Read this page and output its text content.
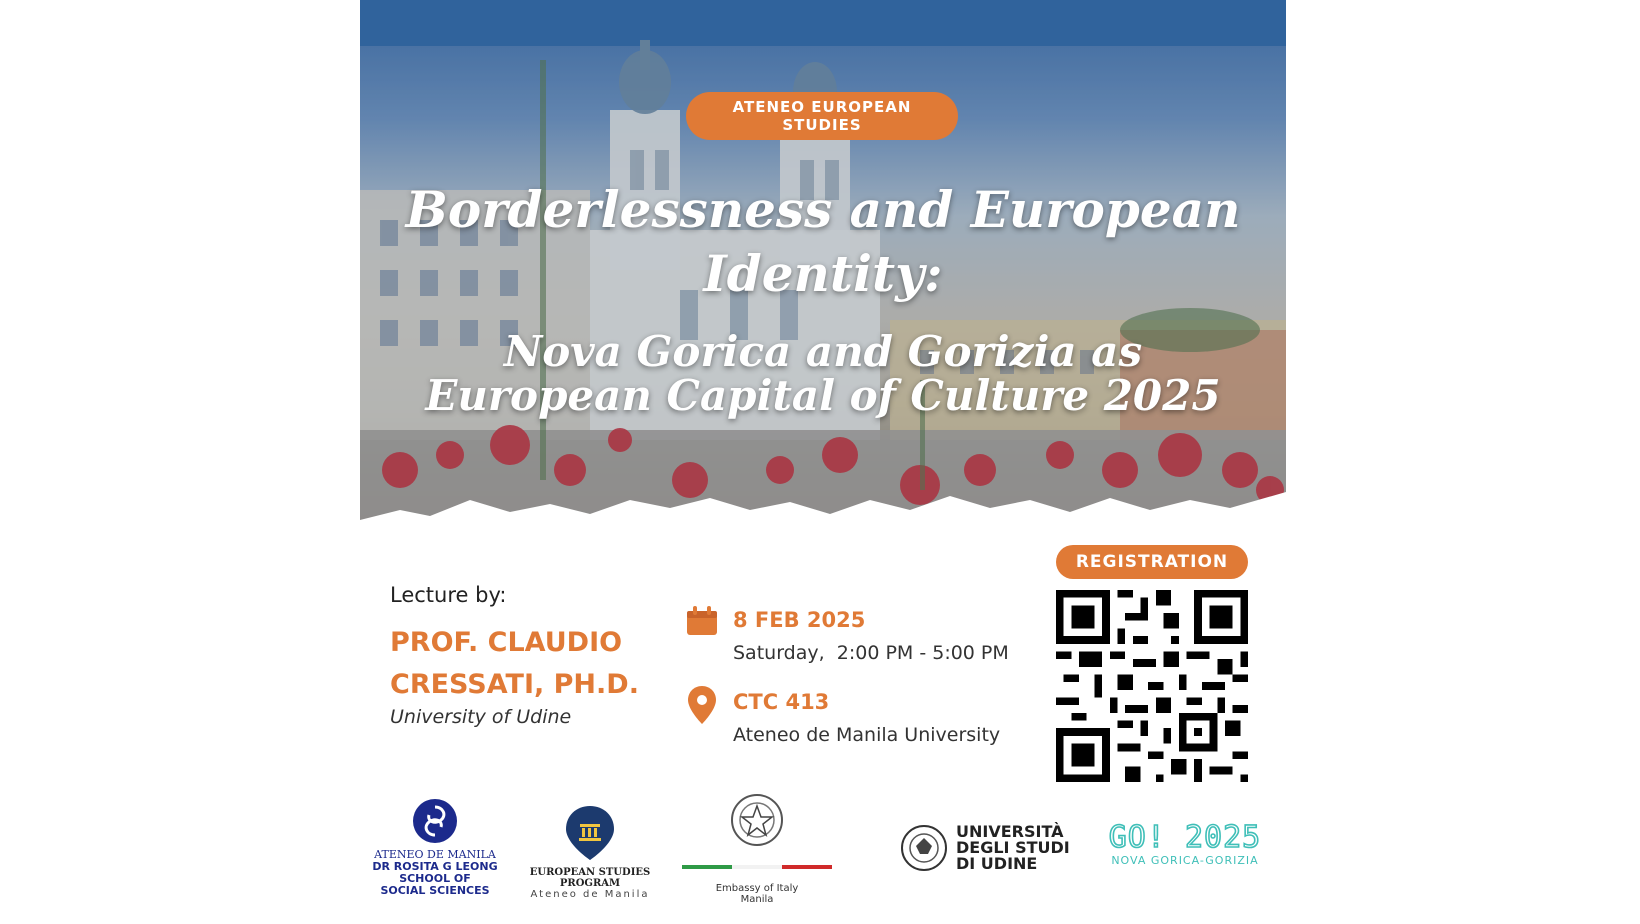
ATENEO EUROPEAN
STUDIES
Borderlessness and European
Identity:
Nova Gorica and Gorizia as
European Capital of Culture 2025
Lecture by:
PROF. CLAUDIO
CRESSATI, PH.D.
University of Udine
8 FEB 2025
Saturday,  2:00 PM - 5:00 PM
CTC 413
Ateneo de Manila University
REGISTRATION
ATENEO DE MANILA
DR ROSITA G LEONG
SCHOOL OF
SOCIAL SCIENCES
EUROPEAN STUDIES PROGRAM
Ateneo de Manila

Embassy of Italy
Manila
UNIVERSITÀ
DEGLI STUDI
DI UDINE
GO! 2025
NOVA GORICA-GORIZIA
